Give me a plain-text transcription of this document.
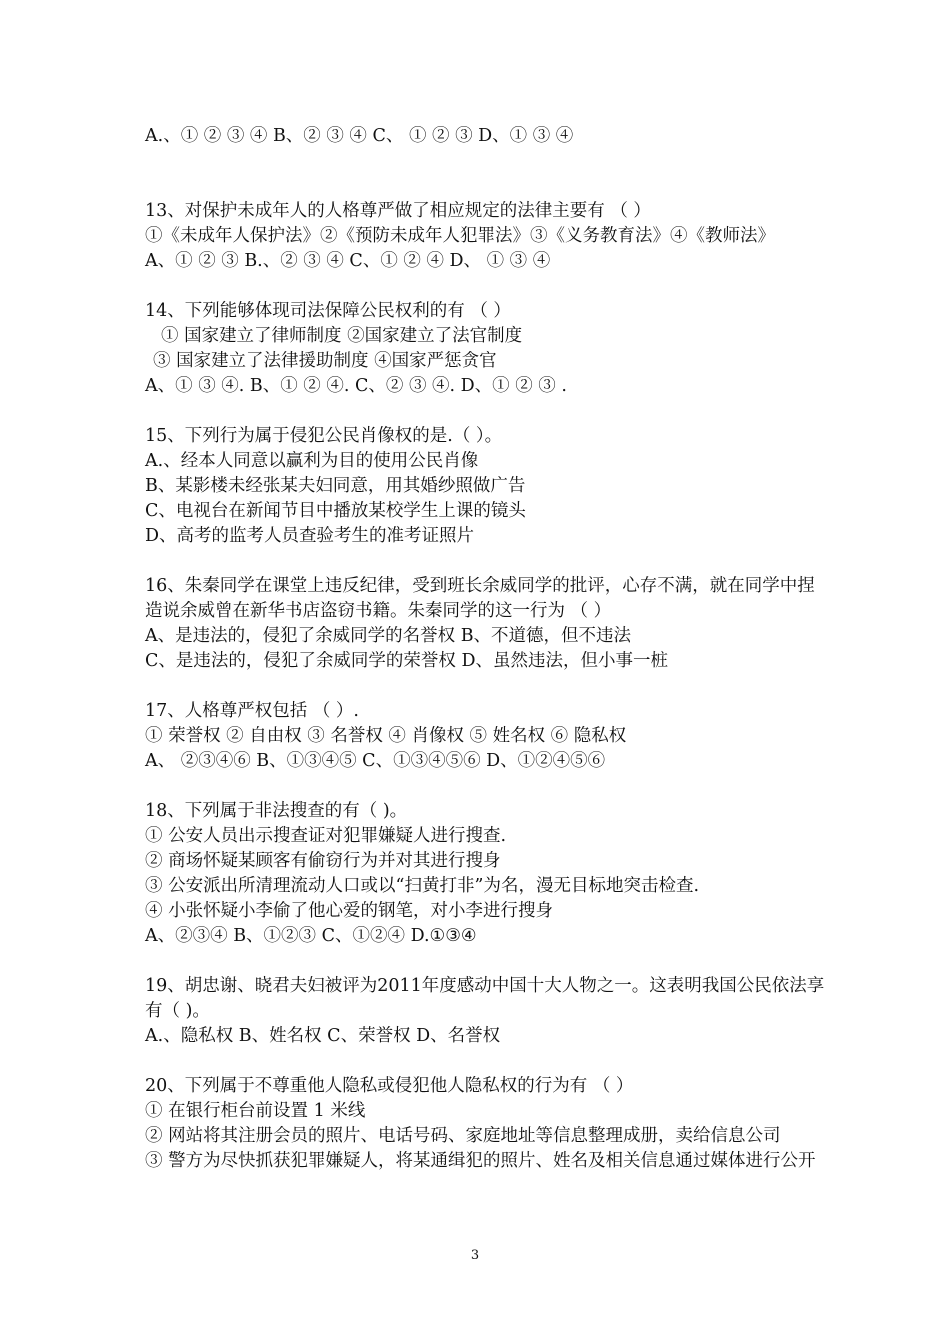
A.、① ② ③ ④ B、② ③ ④ C、 ① ② ③ D、① ③ ④
13、对保护未成年人的人格尊严做了相应规定的法律主要有 （ ）
①《未成年人保护法》②《预防未成年人犯罪法》③《义务教育法》④《教师法》
A、① ② ③ B.、② ③ ④ C、① ② ④ D、 ① ③ ④
14、下列能够体现司法保障公民权利的有 （ ）
① 国家建立了律师制度 ②国家建立了法官制度
③ 国家建立了法律援助制度 ④国家严惩贪官
A、① ③ ④. B、① ② ④. C、② ③ ④. D、① ② ③ .
15、下列行为属于侵犯公民肖像权的是.（ ）。
A.、经本人同意以赢利为目的使用公民肖像
B、某影楼未经张某夫妇同意，用其婚纱照做广告
C、电视台在新闻节目中播放某校学生上课的镜头
D、高考的监考人员查验考生的准考证照片
16、朱秦同学在课堂上违反纪律，受到班长余威同学的批评，心存不满，就在同学中捏造说余威曾在新华书店盗窃书籍。朱秦同学的这一行为 （ ）
A、是违法的，侵犯了余威同学的名誉权 B、不道德，但不违法
C、是违法的，侵犯了余威同学的荣誉权 D、虽然违法，但小事一桩
17、人格尊严权包括 （ ）.
① 荣誉权 ② 自由权 ③ 名誉权 ④ 肖像权 ⑤ 姓名权 ⑥ 隐私权
A、 ②③④⑥ B、①③④⑤ C、①③④⑤⑥ D、①②④⑤⑥
18、下列属于非法搜查的有（ )。
① 公安人员出示搜查证对犯罪嫌疑人进行搜查.
② 商场怀疑某顾客有偷窃行为并对其进行搜身
③ 公安派出所清理流动人口或以“扫黄打非”为名，漫无目标地突击检查.
④ 小张怀疑小李偷了他心爱的钢笔，对小李进行搜身
A、②③④ B、①②③ C、①②④ D.①③④
19、胡忠谢、晓君夫妇被评为2011年度感动中国十大人物之一。这表明我国公民依法享有（ )。
A.、隐私权 B、姓名权 C、荣誉权 D、名誉权
20、下列属于不尊重他人隐私或侵犯他人隐私权的行为有 （ ）
① 在银行柜台前设置 1 米线
② 网站将其注册会员的照片、电话号码、家庭地址等信息整理成册，卖给信息公司
③ 警方为尽快抓获犯罪嫌疑人，将某通缉犯的照片、姓名及相关信息通过媒体进行公开
3
